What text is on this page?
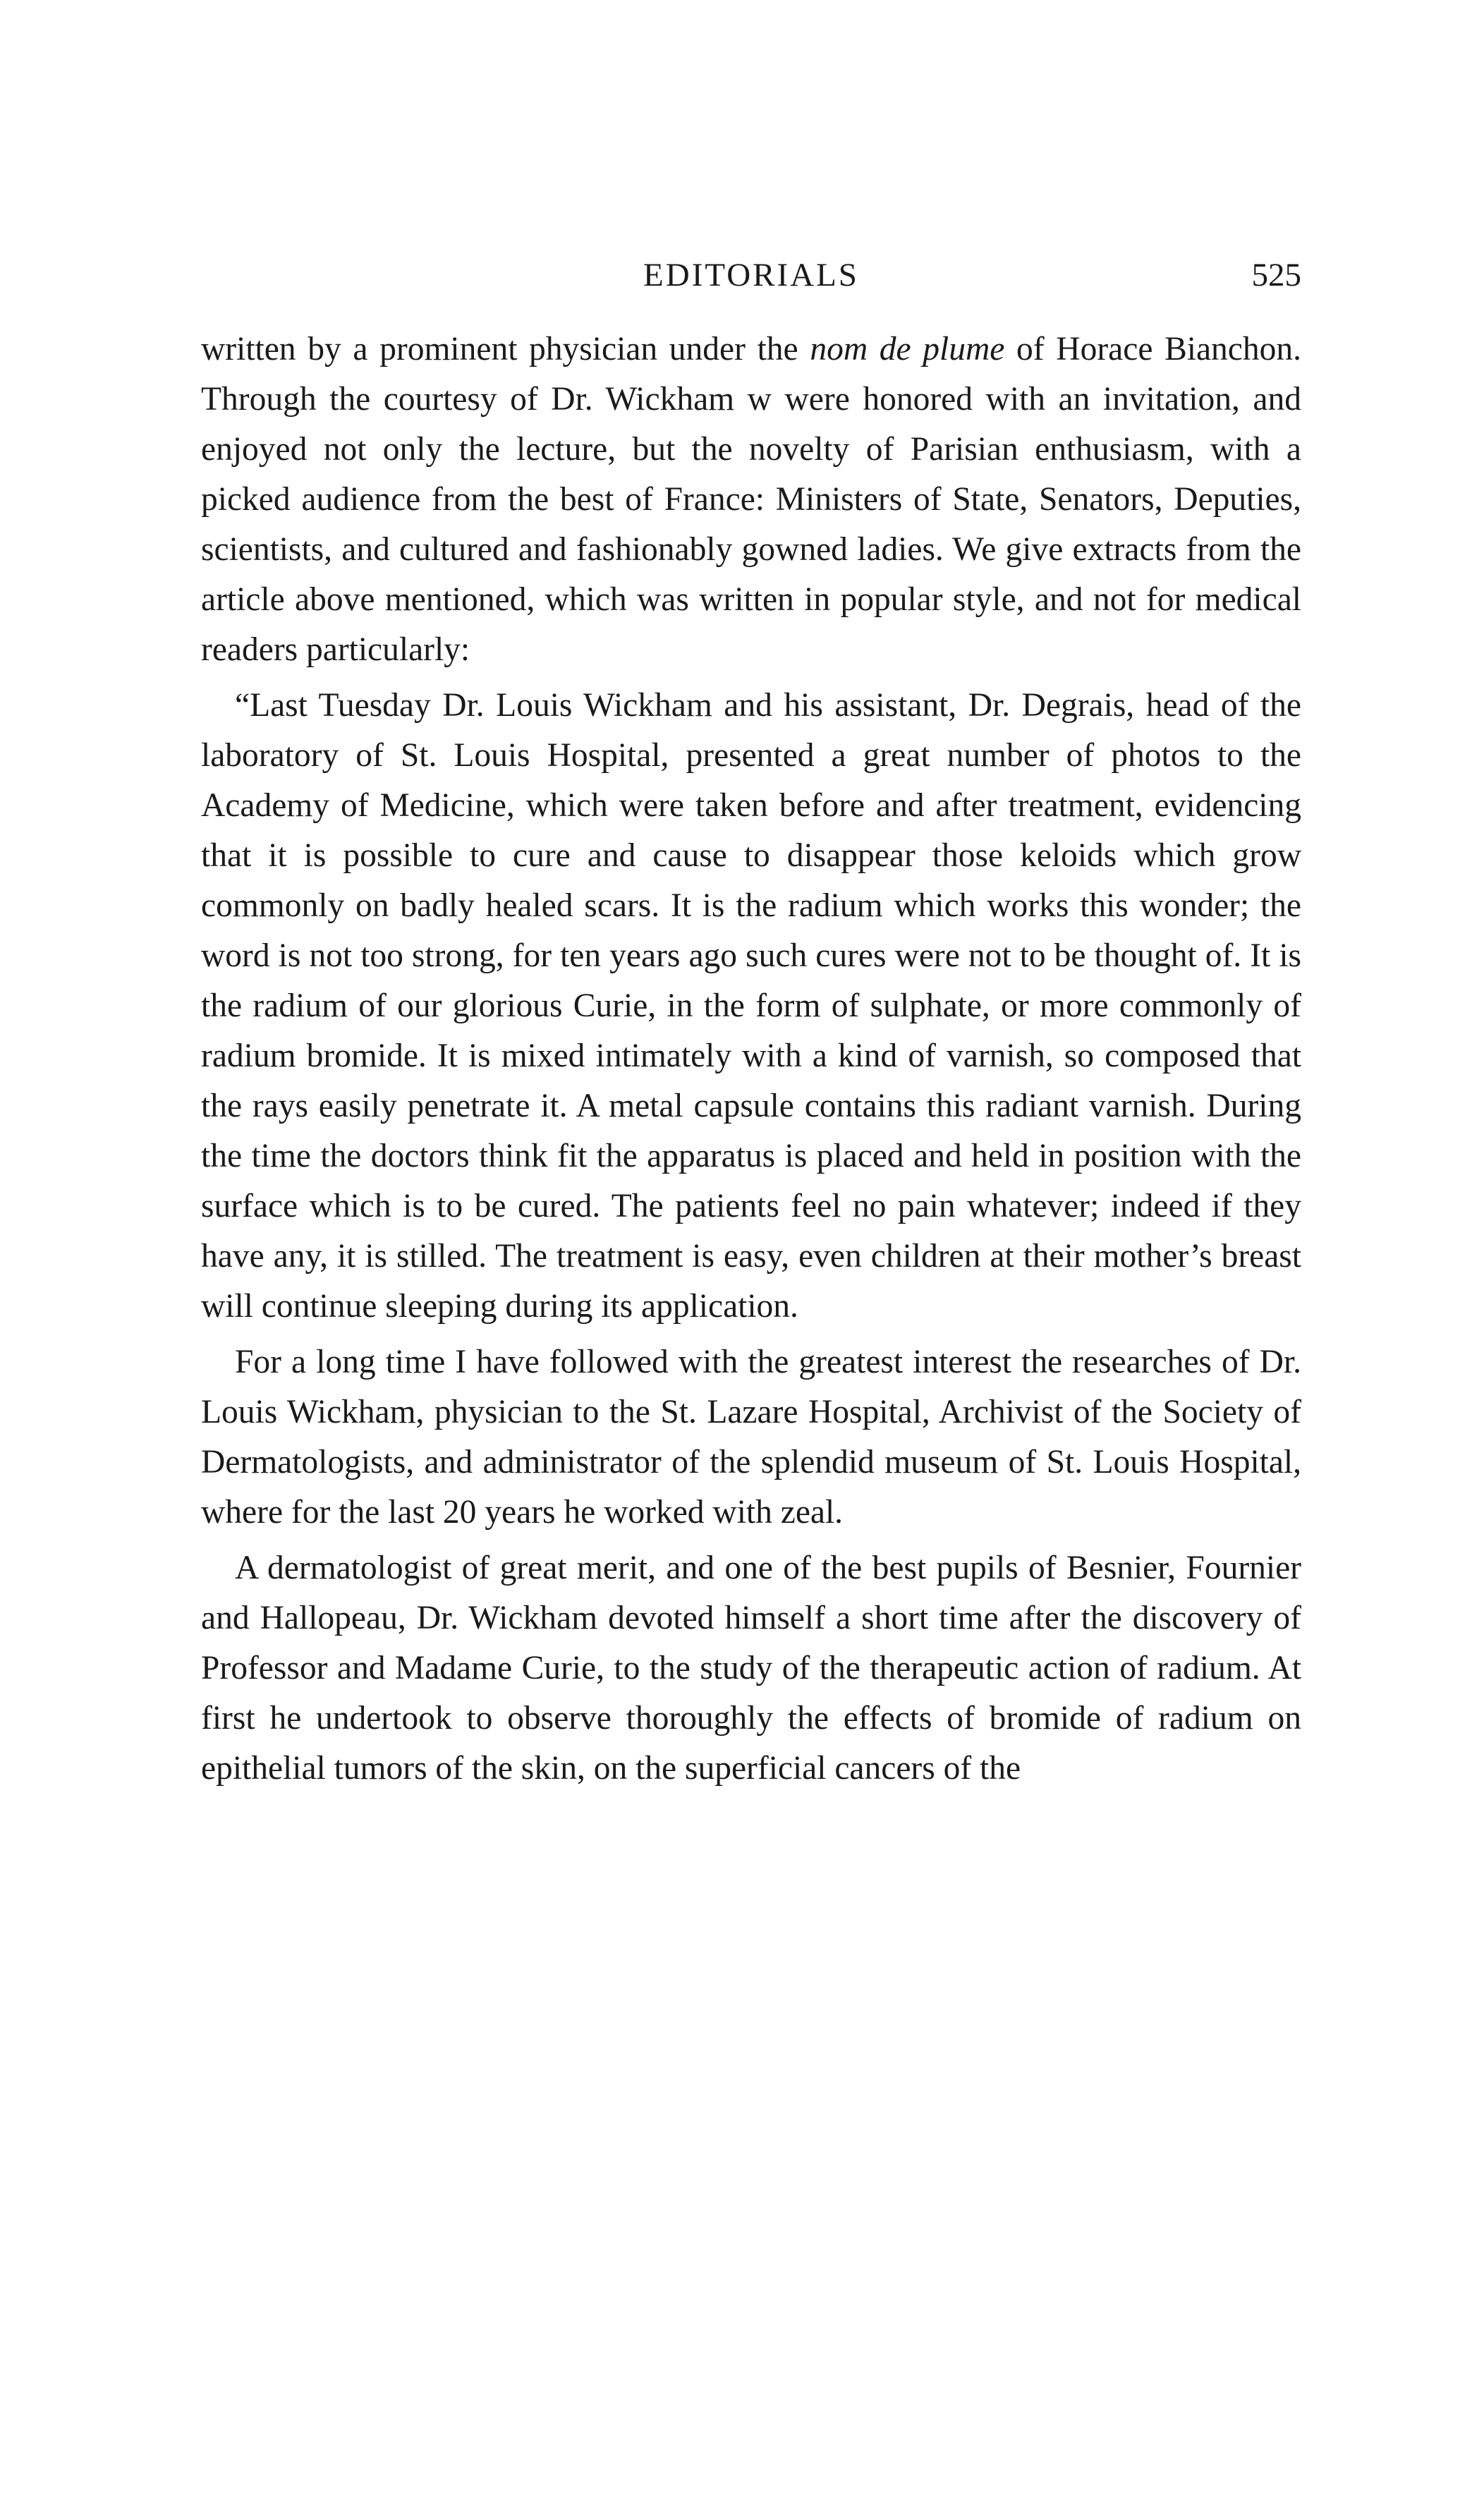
EDITORIALS	525

written by a prominent physician under the nom de plume of Horace Bianchon. Through the courtesy of Dr. Wickham w were honored with an invitation, and enjoyed not only the lecture, but the novelty of Parisian enthusiasm, with a picked audience from the best of France: Ministers of State, Senators, Deputies, scientists, and cultured and fashionably gowned ladies. We give extracts from the article above mentioned, which was written in popular style, and not for medical readers particularly:

“Last Tuesday Dr. Louis Wickham and his assistant, Dr. Degrais, head of the laboratory of St. Louis Hospital, presented a great number of photos to the Academy of Medicine, which were taken before and after treatment, evidencing that it is possible to cure and cause to disappear those keloids which grow commonly on badly healed scars. It is the radium which works this wonder; the word is not too strong, for ten years ago such cures were not to be thought of. It is the radium of our glorious Curie, in the form of sulphate, or more commonly of radium bromide. It is mixed intimately with a kind of varnish, so composed that the rays easily penetrate it. A metal capsule contains this radiant varnish. During the time the doctors think fit the apparatus is placed and held in position with the surface which is to be cured. The patients feel no pain whatever; indeed if they have any, it is stilled. The treatment is easy, even children at their mother’s breast will continue sleeping during its application.

For a long time I have followed with the greatest interest the researches of Dr. Louis Wickham, physician to the St. Lazare Hospital, Archivist of the Society of Dermatologists, and administrator of the splendid museum of St. Louis Hospital, where for the last 20 years he worked with zeal.

A dermatologist of great merit, and one of the best pupils of Besnier, Fournier and Hallopeau, Dr. Wickham devoted himself a short time after the discovery of Professor and Madame Curie, to the study of the therapeutic action of radium. At first he undertook to observe thoroughly the effects of bromide of radium on epithelial tumors of the skin, on the superficial cancers of the
